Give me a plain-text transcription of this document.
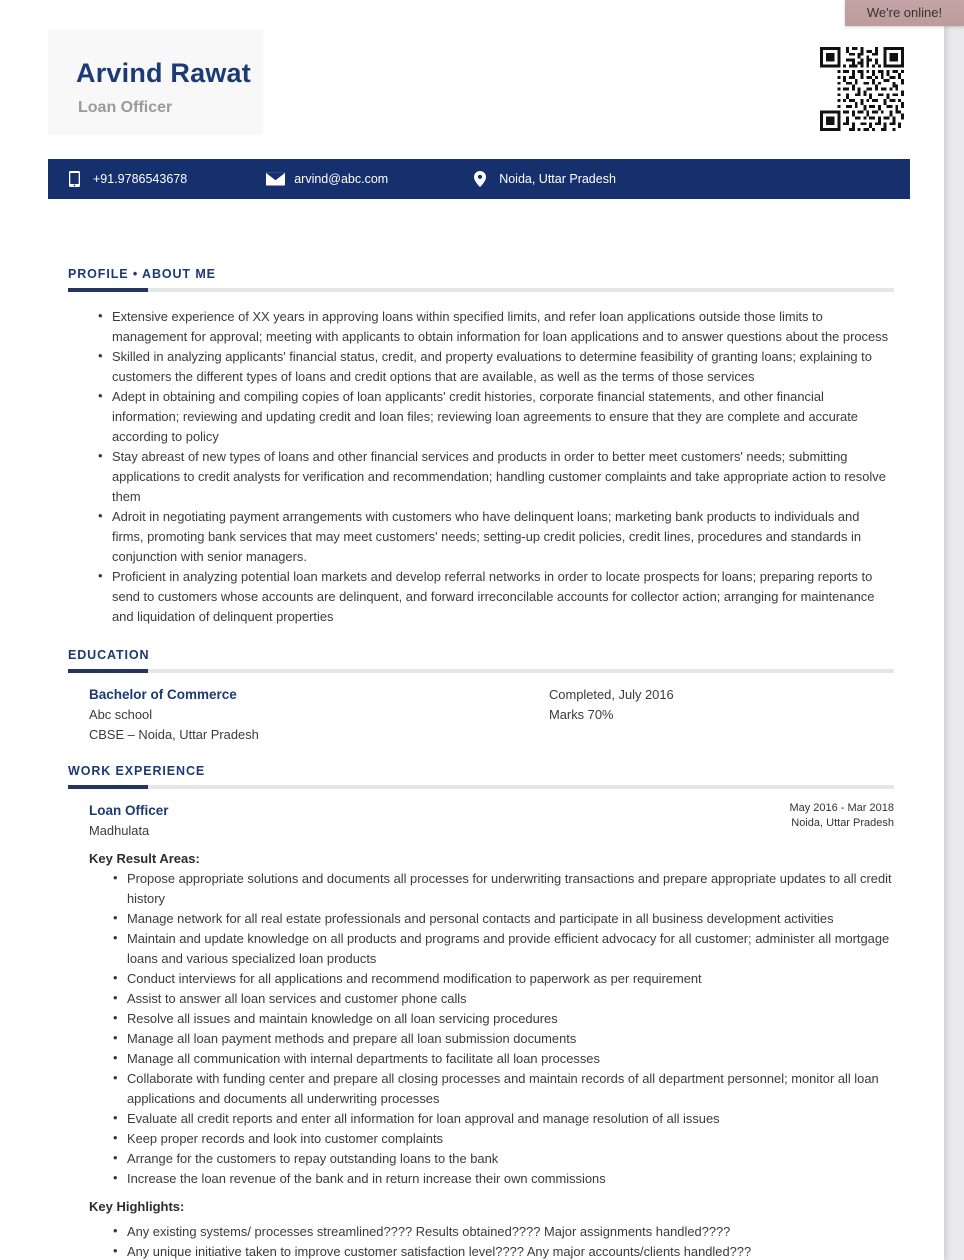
Arvind Rawat
Loan Officer
+91.9786543678	arvind@abc.com	Noida, Uttar Pradesh
PROFILE • ABOUT ME
• Extensive experience of XX years in approving loans within specified limits, and refer loan applications outside those limits to management for approval; meeting with applicants to obtain information for loan applications and to answer questions about the process
• Skilled in analyzing applicants' financial status, credit, and property evaluations to determine feasibility of granting loans; explaining to customers the different types of loans and credit options that are available, as well as the terms of those services
• Adept in obtaining and compiling copies of loan applicants' credit histories, corporate financial statements, and other financial information; reviewing and updating credit and loan files; reviewing loan agreements to ensure that they are complete and accurate according to policy
• Stay abreast of new types of loans and other financial services and products in order to better meet customers' needs; submitting applications to credit analysts for verification and recommendation; handling customer complaints and take appropriate action to resolve them
• Adroit in negotiating payment arrangements with customers who have delinquent loans; marketing bank products to individuals and firms, promoting bank services that may meet customers' needs; setting-up credit policies, credit lines, procedures and standards in conjunction with senior managers.
• Proficient in analyzing potential loan markets and develop referral networks in order to locate prospects for loans; preparing reports to send to customers whose accounts are delinquent, and forward irreconcilable accounts for collector action; arranging for maintenance and liquidation of delinquent properties
EDUCATION
Bachelor of Commerce
Abc school
CBSE – Noida, Uttar Pradesh
Completed, July 2016
Marks 70%
WORK EXPERIENCE
Loan Officer
Madhulata
May 2016 - Mar 2018
Noida, Uttar Pradesh
Key Result Areas:
• Propose appropriate solutions and documents all processes for underwriting transactions and prepare appropriate updates to all credit history
• Manage network for all real estate professionals and personal contacts and participate in all business development activities
• Maintain and update knowledge on all products and programs and provide efficient advocacy for all customer; administer all mortgage loans and various specialized loan products
• Conduct interviews for all applications and recommend modification to paperwork as per requirement
• Assist to answer all loan services and customer phone calls
• Resolve all issues and maintain knowledge on all loan servicing procedures
• Manage all loan payment methods and prepare all loan submission documents
• Manage all communication with internal departments to facilitate all loan processes
• Collaborate with funding center and prepare all closing processes and maintain records of all department personnel; monitor all loan applications and documents all underwriting processes
• Evaluate all credit reports and enter all information for loan approval and manage resolution of all issues
• Keep proper records and look into customer complaints
• Arrange for the customers to repay outstanding loans to the bank
• Increase the loan revenue of the bank and in return increase their own commissions
Key Highlights:
• Any existing systems/ processes streamlined???? Results obtained???? Major assignments handled????
• Any unique initiative taken to improve customer satisfaction level???? Any major accounts/clients handled???
We're online!
